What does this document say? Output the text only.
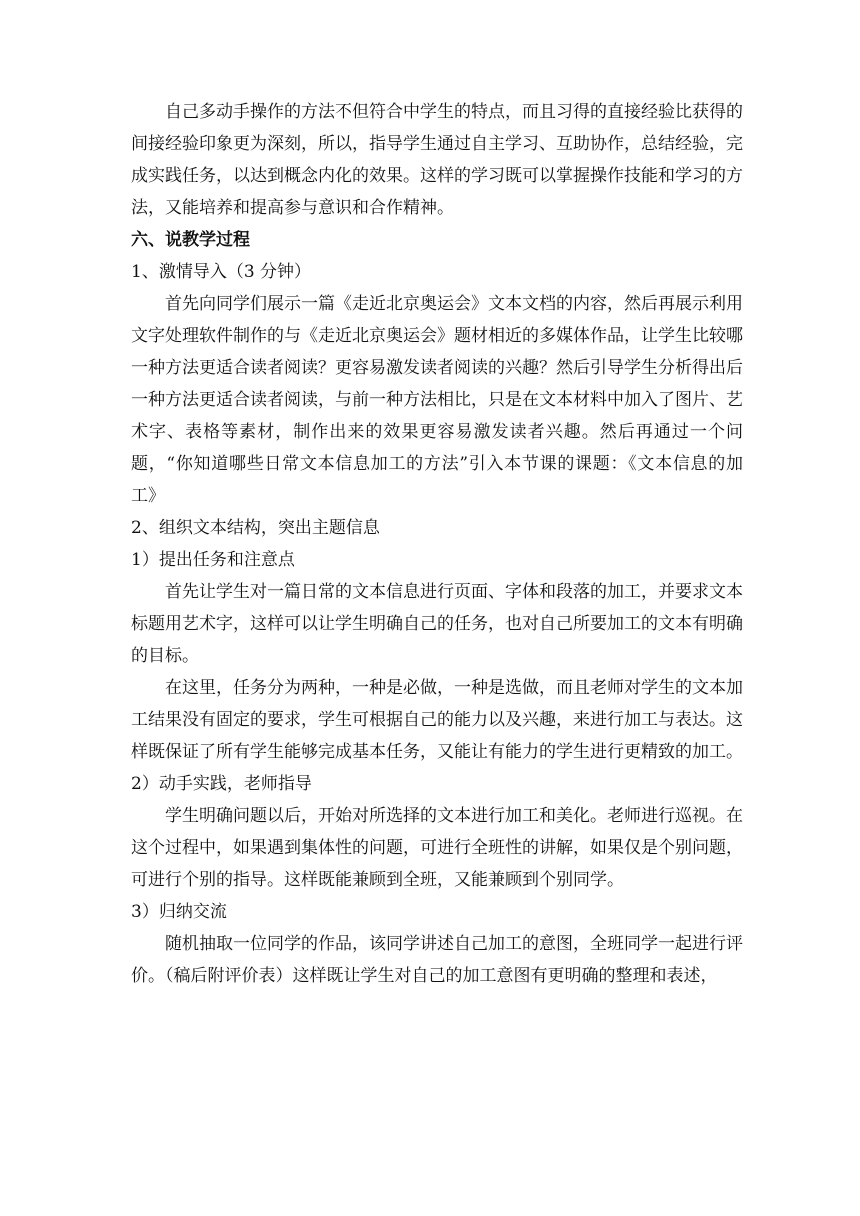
自己多动手操作的方法不但符合中学生的特点，而且习得的直接经验比获得的间接经验印象更为深刻，所以，指导学生通过自主学习、互助协作，总结经验，完成实践任务，以达到概念内化的效果。这样的学习既可以掌握操作技能和学习的方法，又能培养和提高参与意识和合作精神。

六、说教学过程

1、激情导入（3 分钟）

首先向同学们展示一篇《走近北京奥运会》文本文档的内容，然后再展示利用文字处理软件制作的与《走近北京奥运会》题材相近的多媒体作品，让学生比较哪一种方法更适合读者阅读？更容易激发读者阅读的兴趣？然后引导学生分析得出后一种方法更适合读者阅读，与前一种方法相比，只是在文本材料中加入了图片、艺术字、表格等素材，制作出来的效果更容易激发读者兴趣。然后再通过一个问题，“你知道哪些日常文本信息加工的方法”引入本节课的课题：《文本信息的加工》

2、组织文本结构，突出主题信息

1）提出任务和注意点

首先让学生对一篇日常的文本信息进行页面、字体和段落的加工，并要求文本标题用艺术字，这样可以让学生明确自己的任务，也对自己所要加工的文本有明确的目标。

在这里，任务分为两种，一种是必做，一种是选做，而且老师对学生的文本加工结果没有固定的要求，学生可根据自己的能力以及兴趣，来进行加工与表达。这样既保证了所有学生能够完成基本任务，又能让有能力的学生进行更精致的加工。

2）动手实践，老师指导

学生明确问题以后，开始对所选择的文本进行加工和美化。老师进行巡视。在这个过程中，如果遇到集体性的问题，可进行全班性的讲解，如果仅是个别问题，可进行个别的指导。这样既能兼顾到全班，又能兼顾到个别同学。

3）归纳交流

随机抽取一位同学的作品，该同学讲述自己加工的意图，全班同学一起进行评价。（稿后附评价表）这样既让学生对自己的加工意图有更明确的整理和表述，
